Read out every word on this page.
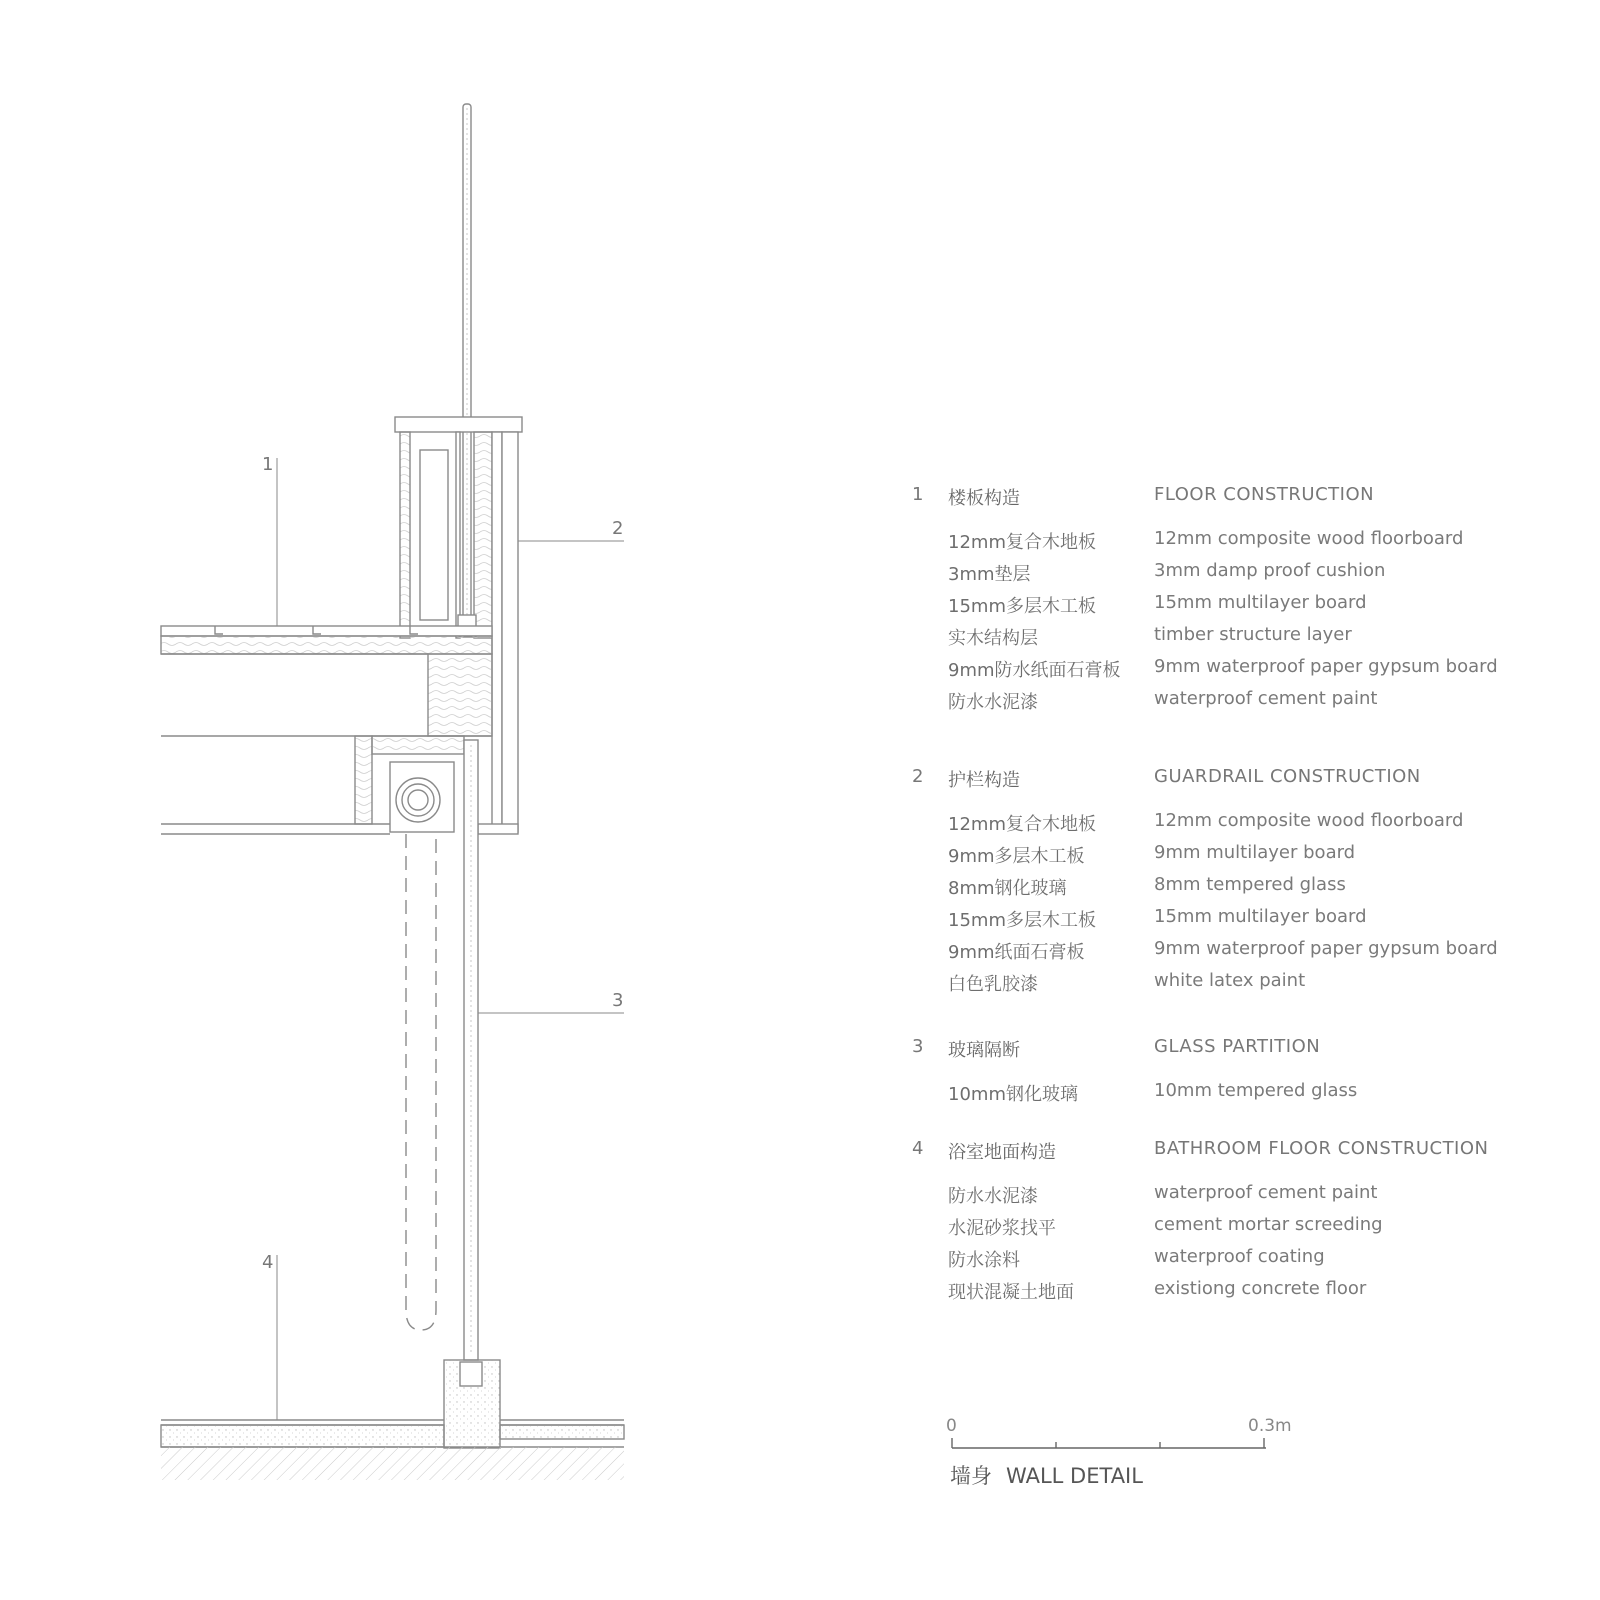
1
2
3
4
1 楼板构造	FLOOR CONSTRUCTION
12mm复合木地板	12mm composite wood floorboard
3mm垫层	3mm damp proof cushion
15mm多层木工板	15mm multilayer board
实木结构层	timber structure layer
9mm防水纸面石膏板 9mm waterproof paper gypsum board
防水水泥漆	waterproof cement paint
2 护栏构造	GUARDRAIL CONSTRUCTION
12mm复合木地板	12mm composite wood floorboard
9mm多层木工板	9mm multilayer board
8mm钢化玻璃	8mm tempered glass
15mm多层木工板	15mm multilayer board
9mm纸面石膏板	9mm waterproof paper gypsum board
白色乳胶漆	white latex paint
3 玻璃隔断	GLASS PARTITION
10mm钢化玻璃	10mm tempered glass
4 浴室地面构造	BATHROOM FLOOR CONSTRUCTION
防水水泥漆	waterproof cement paint
水泥砂浆找平	cement mortar screeding
防水涂料	waterproof coating
现状混凝土地面	existiong concrete floor
0	0.3m
墙身 WALL DETAIL
